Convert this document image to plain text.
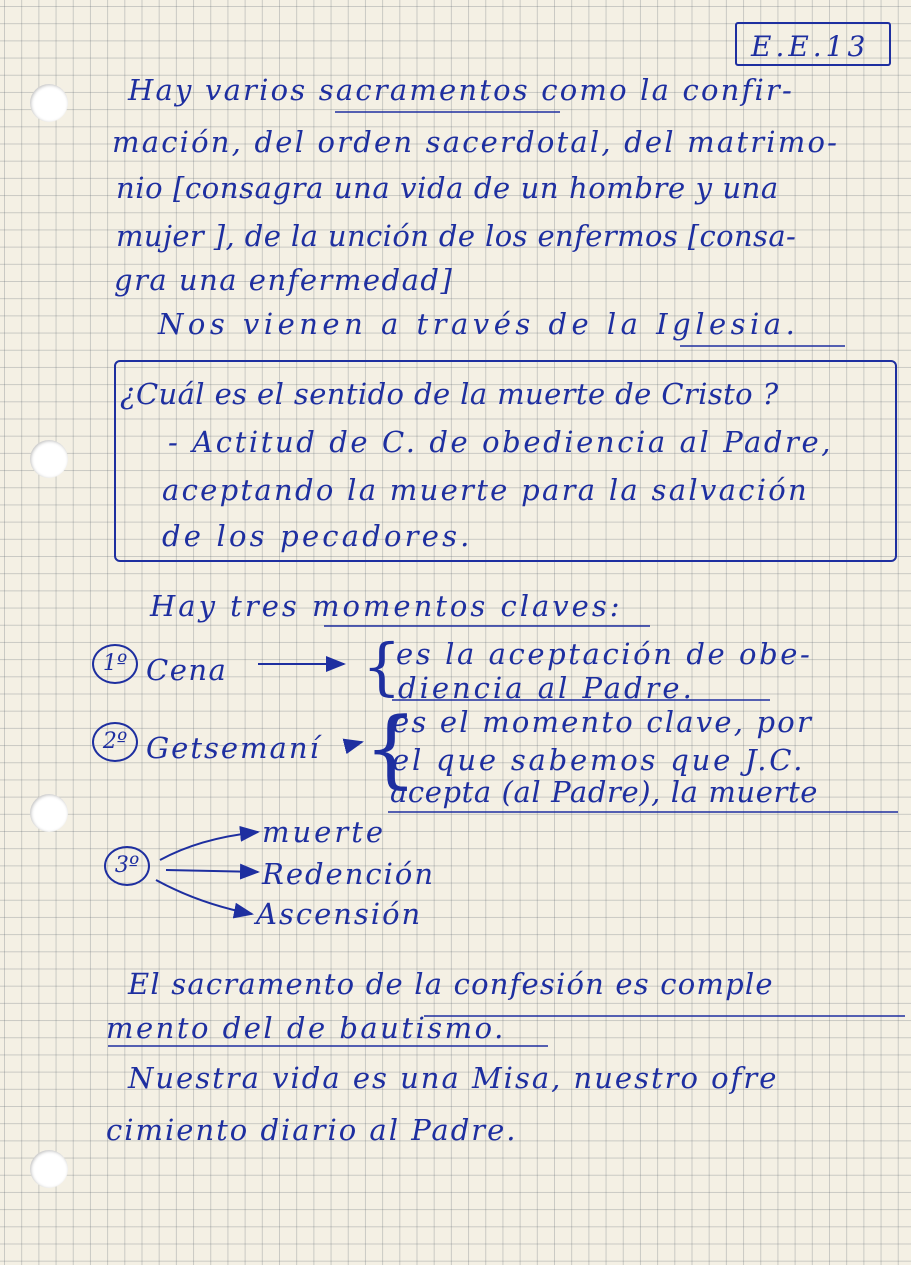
E.E.13
Hay varios sacramentos como la confir-
mación, del orden sacerdotal, del matrimo-
nio [consagra una vida de un hombre y una
mujer ], de la unción de los enfermos [consa-
gra una enfermedad]
Nos vienen a través de la Iglesia.
¿Cuál es el sentido de la muerte de Cristo ?
- Actitud de C. de obediencia al Padre,
aceptando la muerte para la salvación
de los pecadores.
Hay tres momentos claves:
1º Cena {
es la aceptación de obe-
diencia al Padre.
2º Getsemaní {
es el momento clave, por
el que sabemos que J.C.
acepta (al Padre), la muerte
3º
muerte
Redención
Ascensión
El sacramento de la confesión es comple
mento del de bautismo.
Nuestra vida es una Misa, nuestro ofre
cimiento diario al Padre.
